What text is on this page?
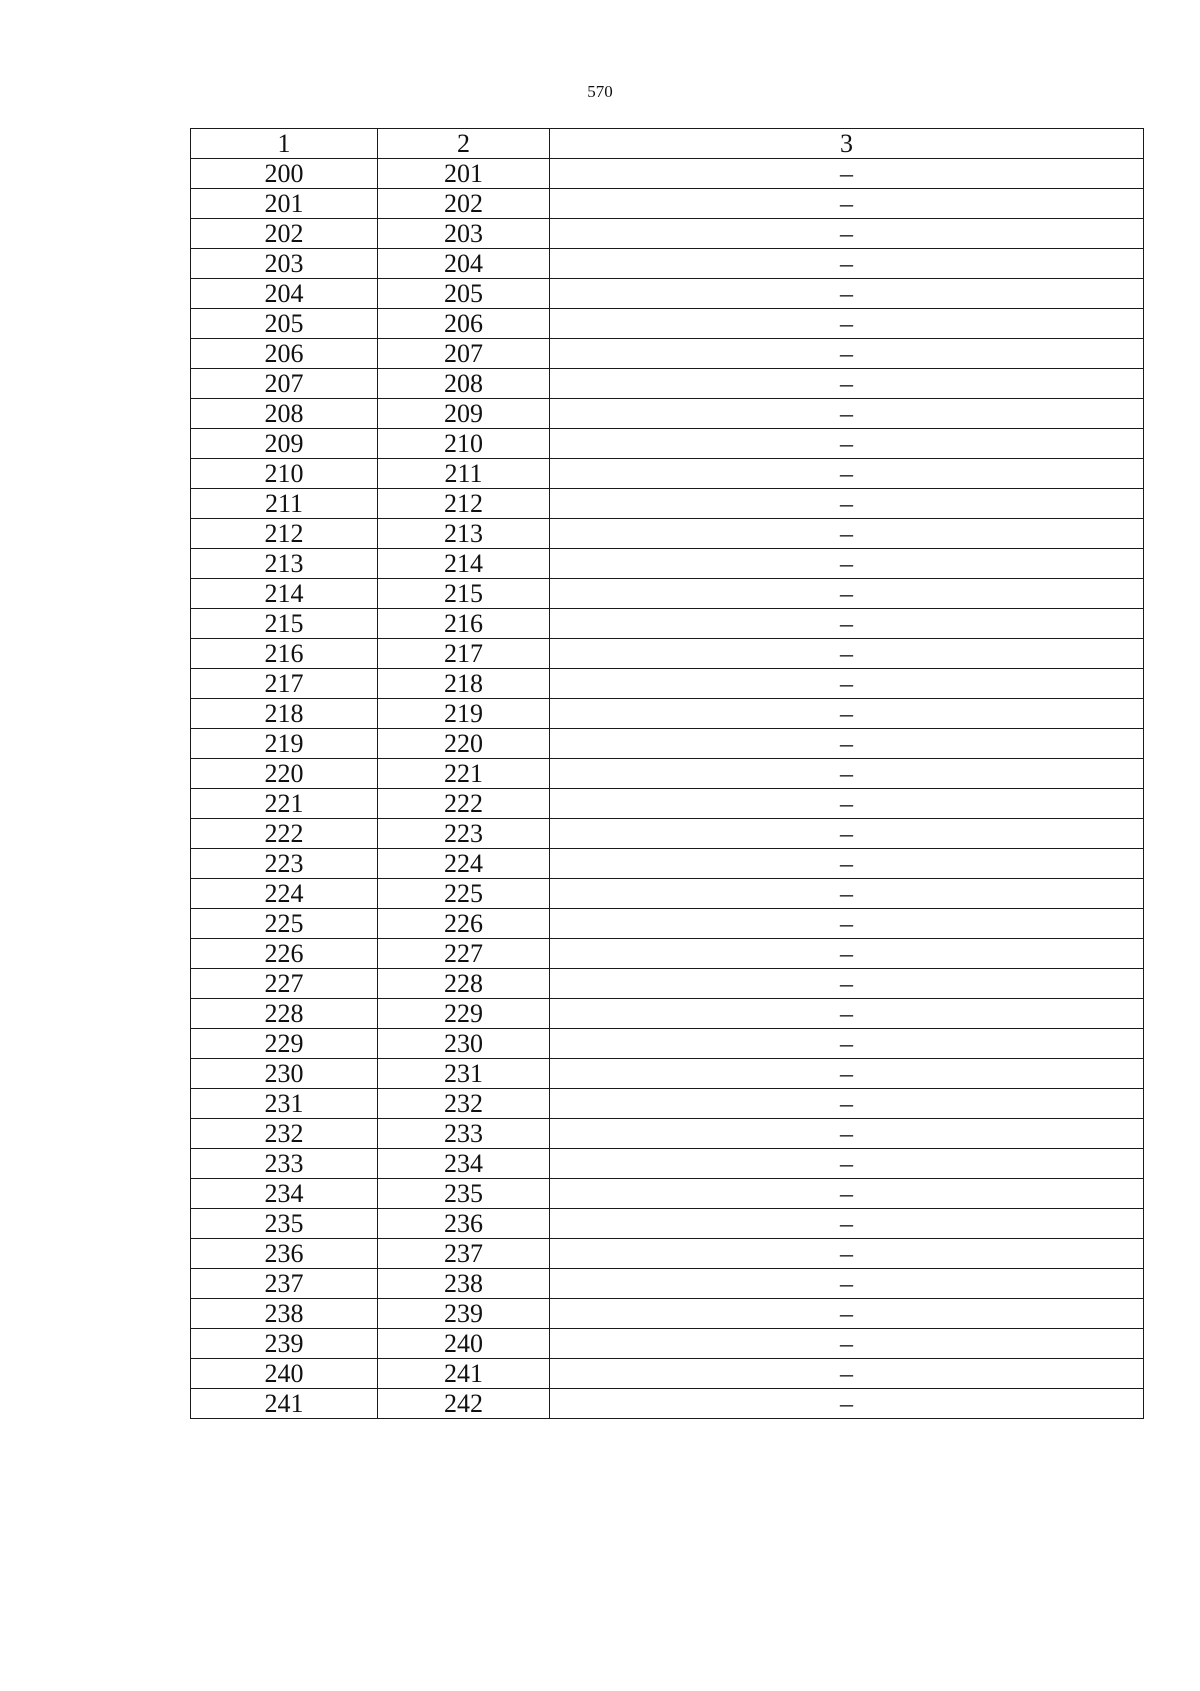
570
1	2	3
200	201	–
201	202	–
202	203	–
203	204	–
204	205	–
205	206	–
206	207	–
207	208	–
208	209	–
209	210	–
210	211	–
211	212	–
212	213	–
213	214	–
214	215	–
215	216	–
216	217	–
217	218	–
218	219	–
219	220	–
220	221	–
221	222	–
222	223	–
223	224	–
224	225	–
225	226	–
226	227	–
227	228	–
228	229	–
229	230	–
230	231	–
231	232	–
232	233	–
233	234	–
234	235	–
235	236	–
236	237	–
237	238	–
238	239	–
239	240	–
240	241	–
241	242	–
